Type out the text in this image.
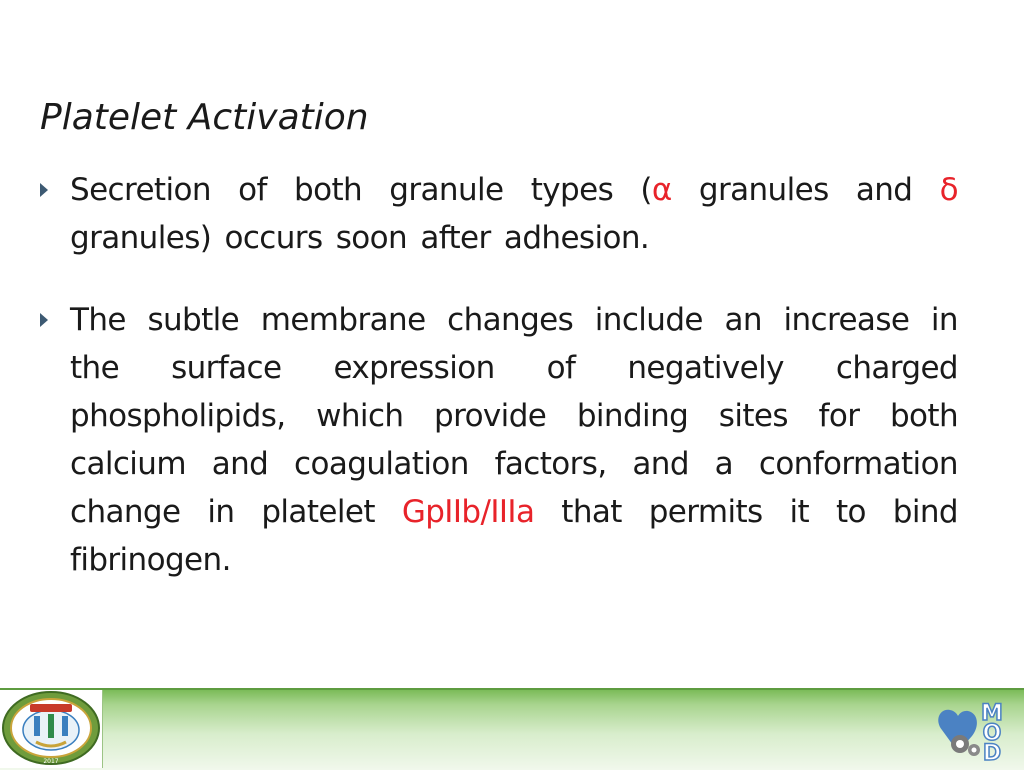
Platelet Activation
Secretion of both granule types (α granules and δ granules) occurs soon after adhesion.
The subtle membrane changes include an increase in the surface expression of negatively charged phospholipids, which provide binding sites for both calcium and coagulation factors, and a conformation change in platelet GpIIb/IIIa that permits it to bind fibrinogen.
2017
M
O
D
